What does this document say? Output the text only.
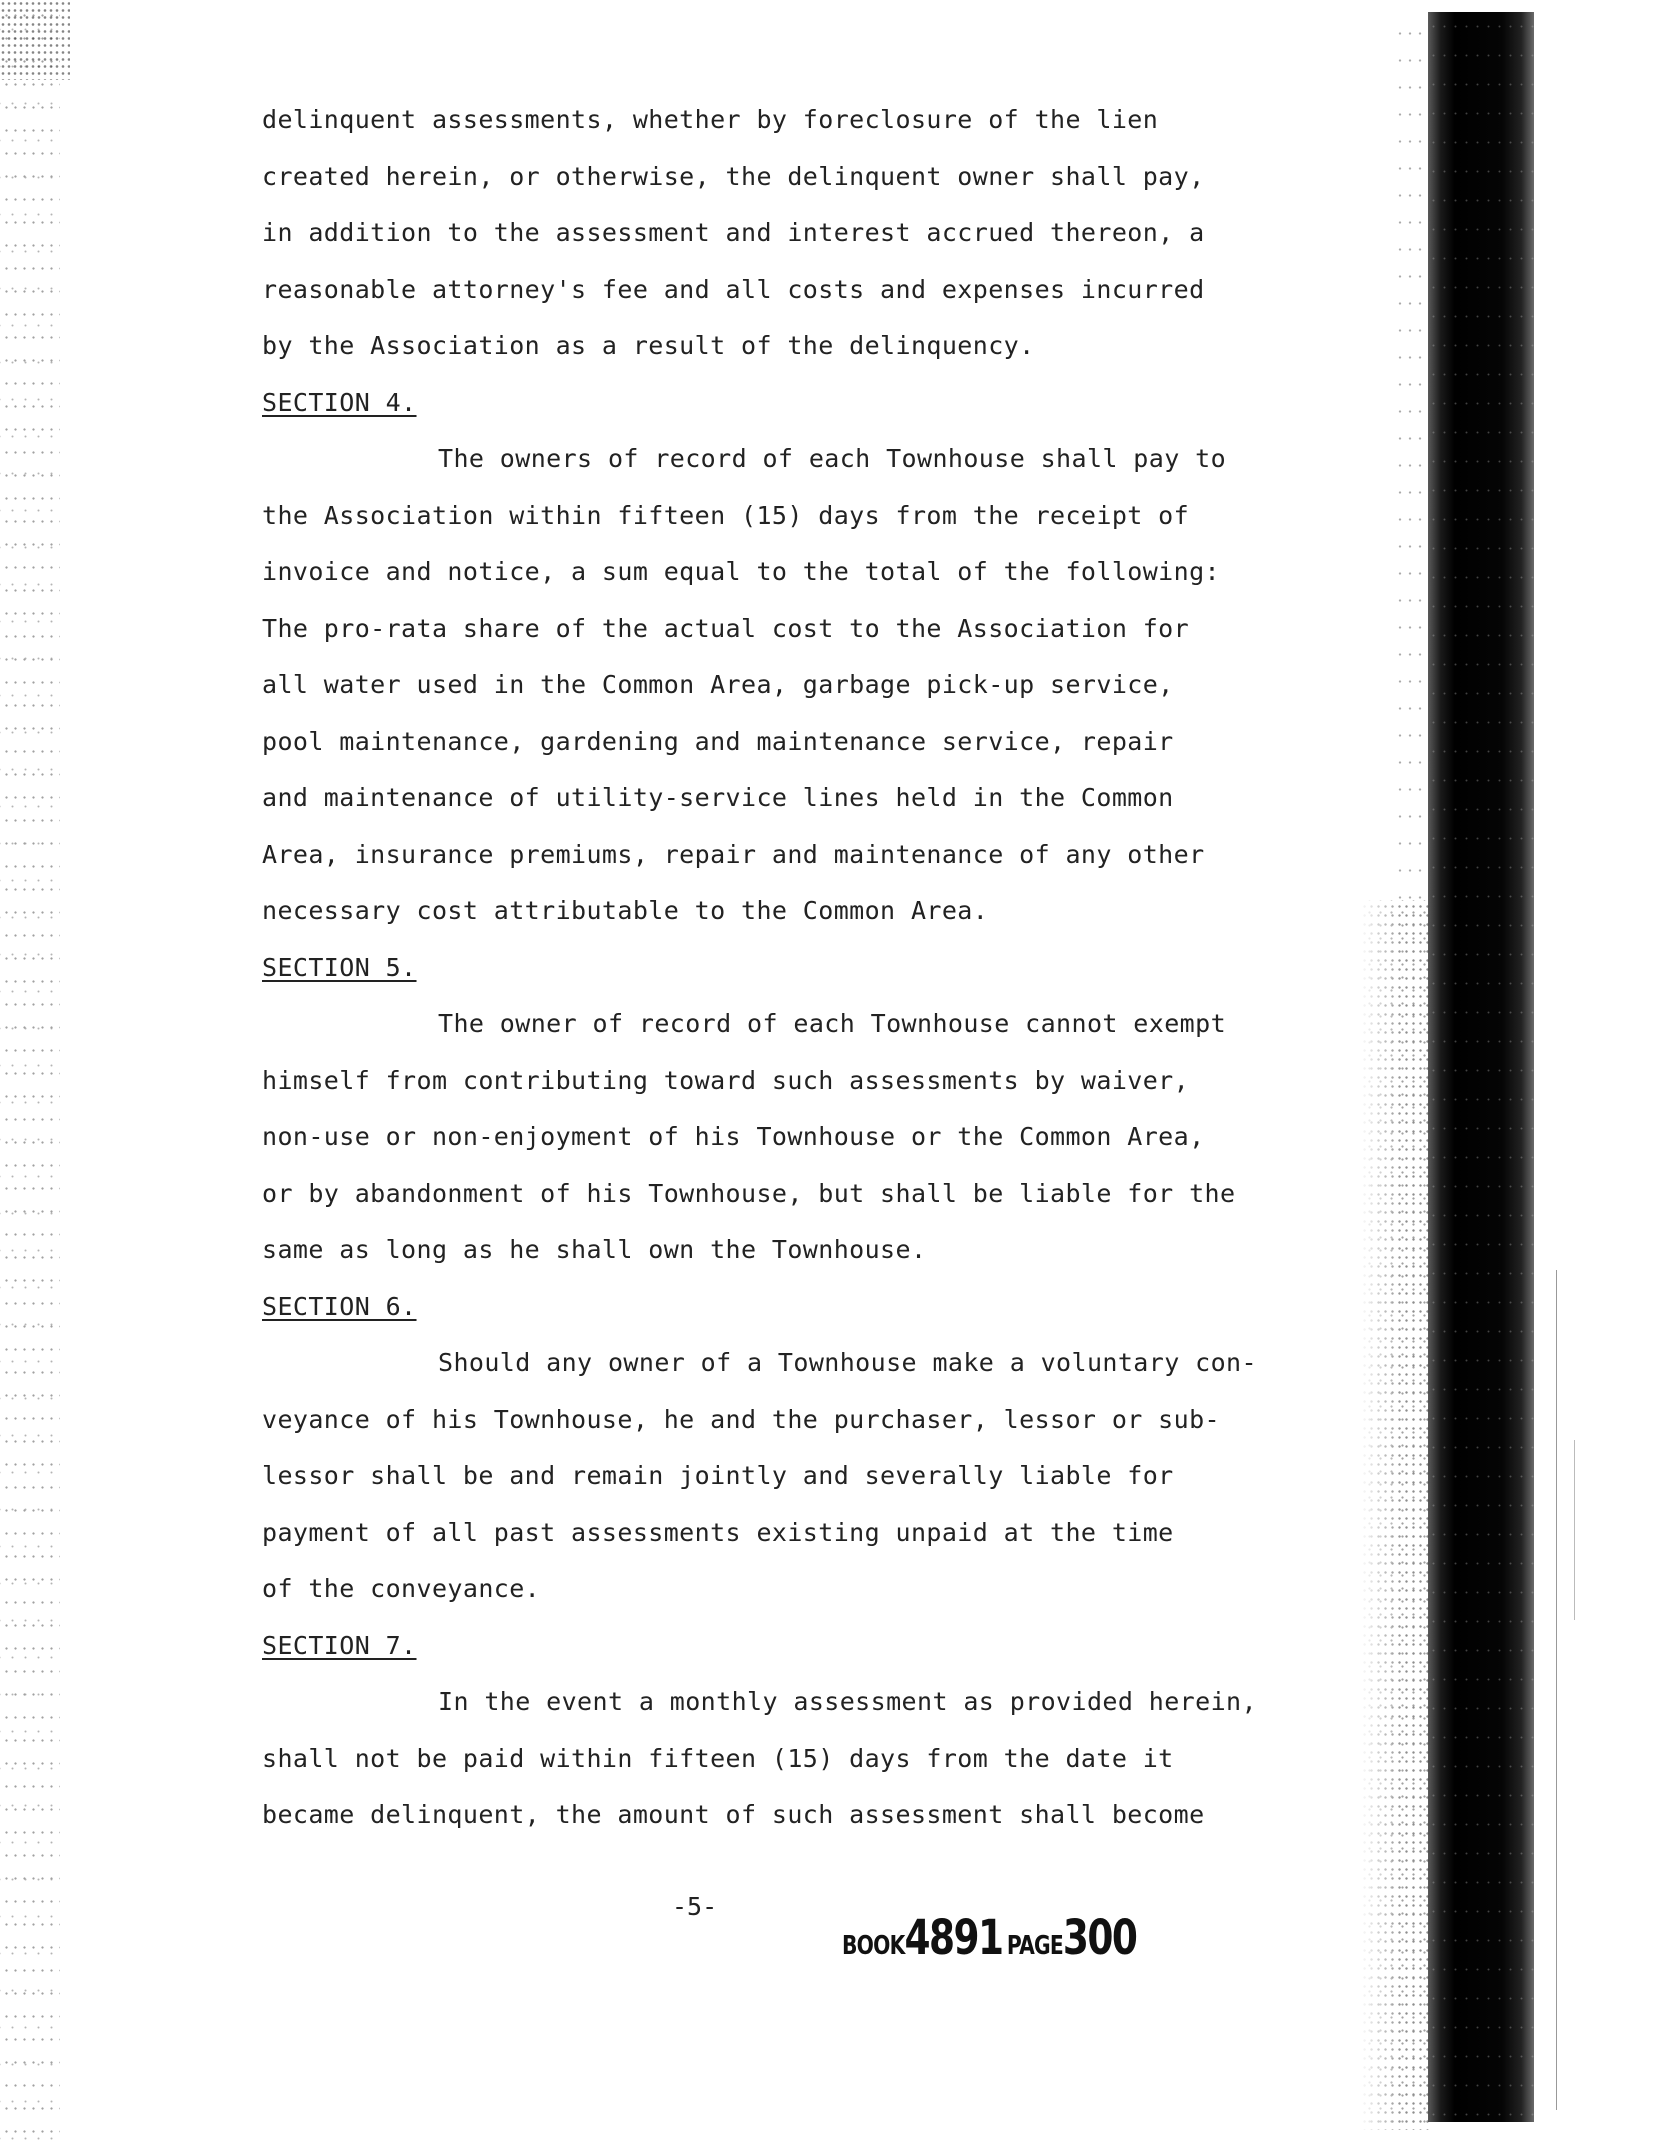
delinquent assessments, whether by foreclosure of the lien
created herein, or otherwise, the delinquent owner shall pay,
in addition to the assessment and interest accrued thereon, a
reasonable attorney's fee and all costs and expenses incurred
by the Association as a result of the delinquency.
SECTION 4.
The owners of record of each Townhouse shall pay to
the Association within fifteen (15) days from the receipt of
invoice and notice, a sum equal to the total of the following:
The pro-rata share of the actual cost to the Association for
all water used in the Common Area, garbage pick-up service,
pool maintenance, gardening and maintenance service, repair
and maintenance of utility-service lines held in the Common
Area, insurance premiums, repair and maintenance of any other
necessary cost attributable to the Common Area.
SECTION 5.
The owner of record of each Townhouse cannot exempt
himself from contributing toward such assessments by waiver,
non-use or non-enjoyment of his Townhouse or the Common Area,
or by abandonment of his Townhouse, but shall be liable for the
same as long as he shall own the Townhouse.
SECTION 6.
Should any owner of a Townhouse make a voluntary con-
veyance of his Townhouse, he and the purchaser, lessor or sub-
lessor shall be and remain jointly and severally liable for
payment of all past assessments existing unpaid at the time
of the conveyance.
SECTION 7.
In the event a monthly assessment as provided herein,
shall not be paid within fifteen (15) days from the date it
became delinquent, the amount of such assessment shall become
-5-
BOOK4891 PAGE300
